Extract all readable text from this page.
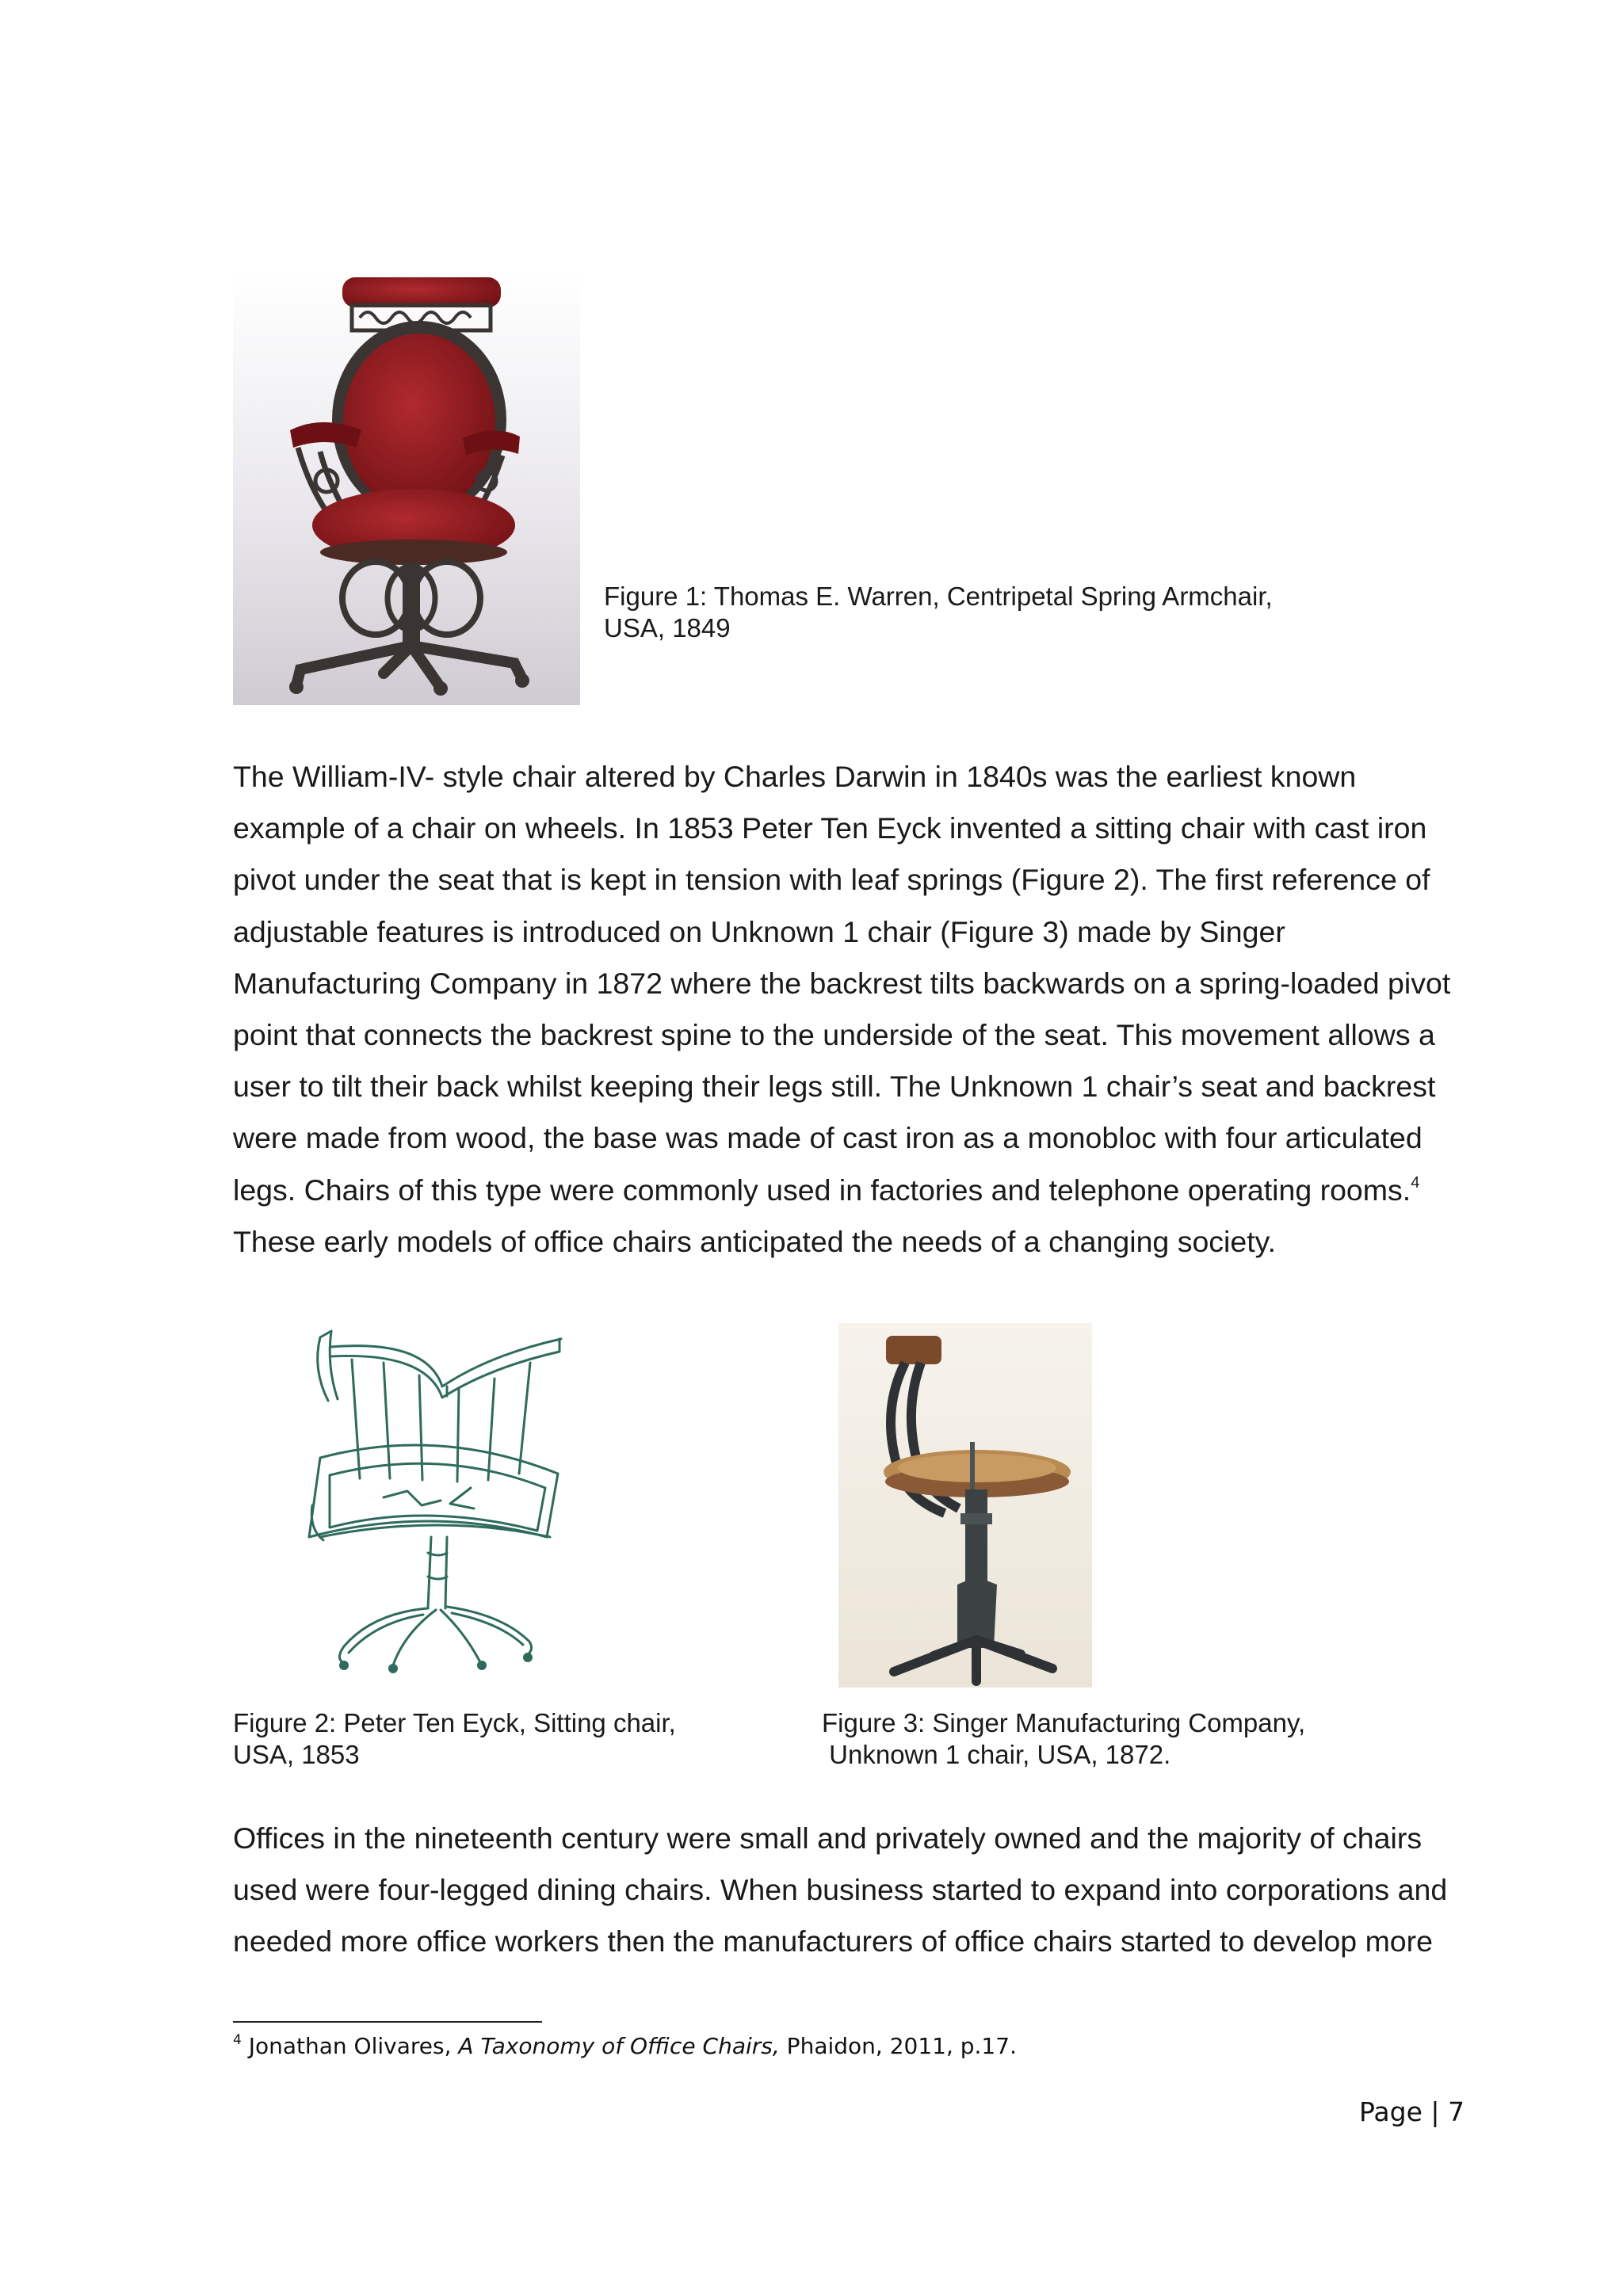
Figure 1: Thomas E. Warren, Centripetal Spring Armchair,
USA, 1849
The William-IV- style chair altered by Charles Darwin in 1840s was the earliest known
example of a chair on wheels. In 1853 Peter Ten Eyck invented a sitting chair with cast iron
pivot under the seat that is kept in tension with leaf springs (Figure 2). The first reference of
adjustable features is introduced on Unknown 1 chair (Figure 3) made by Singer
Manufacturing Company in 1872 where the backrest tilts backwards on a spring-loaded pivot
point that connects the backrest spine to the underside of the seat. This movement allows a
user to tilt their back whilst keeping their legs still. The Unknown 1 chair’s seat and backrest
were made from wood, the base was made of cast iron as a monobloc with four articulated
legs. Chairs of this type were commonly used in factories and telephone operating rooms.$^4$
These early models of office chairs anticipated the needs of a changing society.
Figure 2: Peter Ten Eyck, Sitting chair,
USA, 1853
Figure 3: Singer Manufacturing Company,
Unknown 1 chair, USA, 1872.
Offices in the nineteenth century were small and privately owned and the majority of chairs
used were four-legged dining chairs. When business started to expand into corporations and
needed more office workers then the manufacturers of office chairs started to develop more
$^4$ Jonathan Olivares, A Taxonomy of Office Chairs, Phaidon, 2011, p.17.
Page | 7
